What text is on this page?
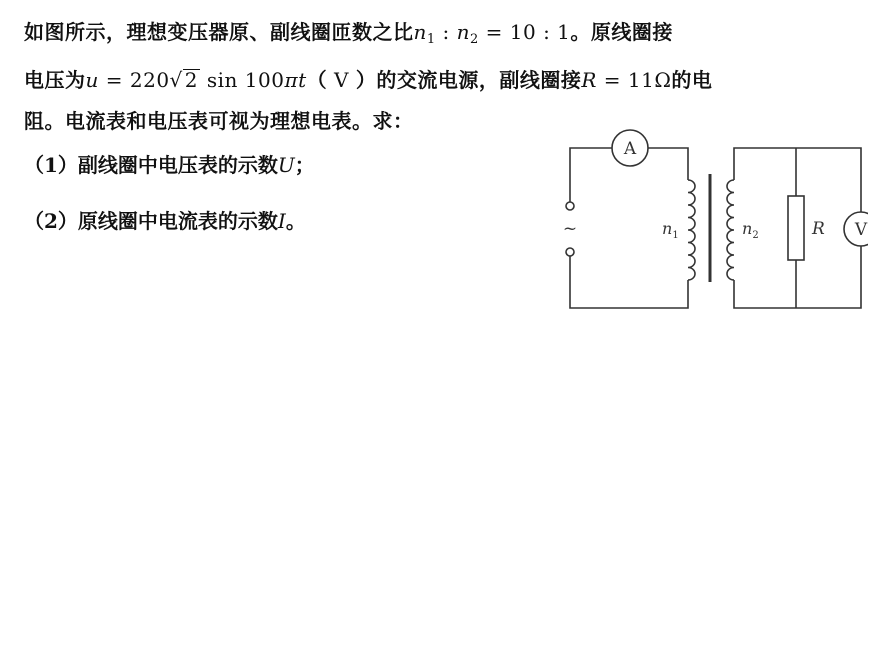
如图所示，理想变压器原、副线圈匝数之比$n_1$ : $n_2 = 10$ : 1。原线圈接
电压为u = 220√ 2 sin 100πt（ V ）的交流电源，副线圈接R = 11Ω的电
阻。电流表和电压表可视为理想电表。求：
（1）副线圈中电压表的示数U；
（2）原线圈中电流表的示数I。
A
V
~	$n_1$	$n_2$	R
